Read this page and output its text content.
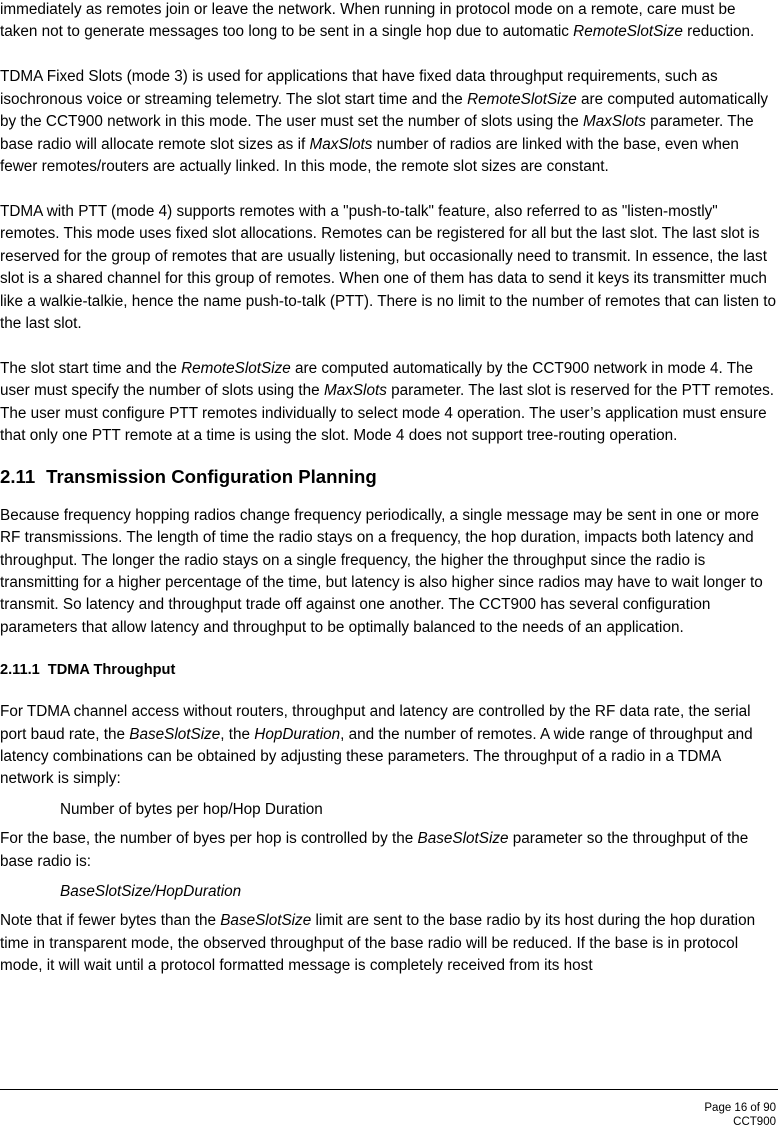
immediately as remotes join or leave the network. When running in protocol mode on a remote, care must be taken not to generate messages too long to be sent in a single hop due to automatic RemoteSlotSize reduction.

TDMA Fixed Slots (mode 3) is used for applications that have fixed data throughput requirements, such as isochronous voice or streaming telemetry. The slot start time and the RemoteSlotSize are computed automatically by the CCT900 network in this mode. The user must set the number of slots using the MaxSlots parameter. The base radio will allocate remote slot sizes as if MaxSlots number of radios are linked with the base, even when fewer remotes/routers are actually linked. In this mode, the remote slot sizes are constant.

TDMA with PTT (mode 4) supports remotes with a "push-to-talk" feature, also referred to as "listen-mostly" remotes. This mode uses fixed slot allocations. Remotes can be registered for all but the last slot. The last slot is reserved for the group of remotes that are usually listening, but occasionally need to transmit. In essence, the last slot is a shared channel for this group of remotes. When one of them has data to send it keys its transmitter much like a walkie-talkie, hence the name push-to-talk (PTT). There is no limit to the number of remotes that can listen to the last slot.

The slot start time and the RemoteSlotSize are computed automatically by the CCT900 network in mode 4. The user must specify the number of slots using the MaxSlots parameter. The last slot is reserved for the PTT remotes. The user must configure PTT remotes individually to select mode 4 operation. The user’s application must ensure that only one PTT remote at a time is using the slot. Mode 4 does not support tree-routing operation.

2.11 Transmission Configuration Planning

Because frequency hopping radios change frequency periodically, a single message may be sent in one or more RF transmissions. The length of time the radio stays on a frequency, the hop duration, impacts both latency and throughput. The longer the radio stays on a single frequency, the higher the throughput since the radio is transmitting for a higher percentage of the time, but latency is also higher since radios may have to wait longer to transmit. So latency and throughput trade off against one another. The CCT900 has several configuration parameters that allow latency and throughput to be optimally balanced to the needs of an application.

2.11.1 TDMA Throughput

For TDMA channel access without routers, throughput and latency are controlled by the RF data rate, the serial port baud rate, the BaseSlotSize, the HopDuration, and the number of remotes. A wide range of throughput and latency combinations can be obtained by adjusting these parameters. The throughput of a radio in a TDMA network is simply:

Number of bytes per hop/Hop Duration

For the base, the number of byes per hop is controlled by the BaseSlotSize parameter so the throughput of the base radio is:

BaseSlotSize/HopDuration

Note that if fewer bytes than the BaseSlotSize limit are sent to the base radio by its host during the hop duration time in transparent mode, the observed throughput of the base radio will be reduced. If the base is in protocol mode, it will wait until a protocol formatted message is completely received from its host

Page 16 of 90
CCT900
